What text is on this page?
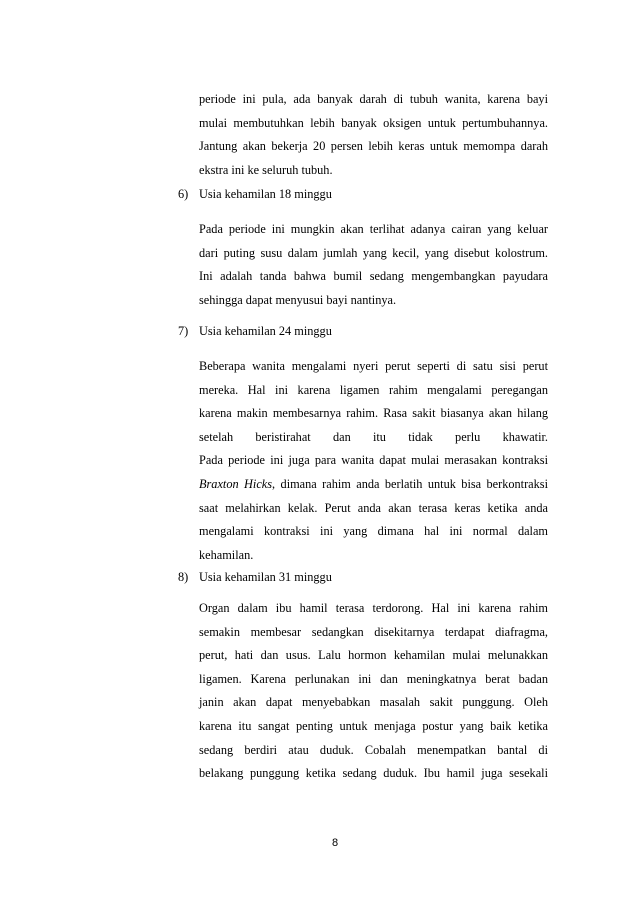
periode ini pula, ada banyak darah di tubuh wanita, karena bayi
mulai membutuhkan lebih banyak oksigen untuk pertumbuhannya.
Jantung akan bekerja 20 persen lebih keras untuk memompa darah
ekstra ini ke seluruh tubuh.
6) Usia kehamilan 18 minggu
Pada periode ini mungkin akan terlihat adanya cairan yang keluar
dari puting susu dalam jumlah yang kecil, yang disebut kolostrum.
Ini adalah tanda bahwa bumil sedang mengembangkan payudara
sehingga dapat menyusui bayi nantinya.
7) Usia kehamilan 24 minggu
Beberapa wanita mengalami nyeri perut seperti di satu sisi perut
mereka. Hal ini karena ligamen rahim mengalami peregangan
karena makin membesarnya rahim. Rasa sakit biasanya akan hilang
setelah beristirahat dan itu tidak perlu khawatir.
Pada periode ini juga para wanita dapat mulai merasakan kontraksi
Braxton Hicks, dimana rahim anda berlatih untuk bisa berkontraksi
saat melahirkan kelak. Perut anda akan terasa keras ketika anda
mengalami kontraksi ini yang dimana hal ini normal dalam
kehamilan.
8) Usia kehamilan 31 minggu
Organ dalam ibu hamil terasa terdorong. Hal ini karena rahim
semakin membesar sedangkan disekitarnya terdapat diafragma,
perut, hati dan usus. Lalu hormon kehamilan mulai melunakkan
ligamen. Karena perlunakan ini dan meningkatnya berat badan
janin akan dapat menyebabkan masalah sakit punggung. Oleh
karena itu sangat penting untuk menjaga postur yang baik ketika
sedang berdiri atau duduk. Cobalah menempatkan bantal di
belakang punggung ketika sedang duduk. Ibu hamil juga sesekali
8
